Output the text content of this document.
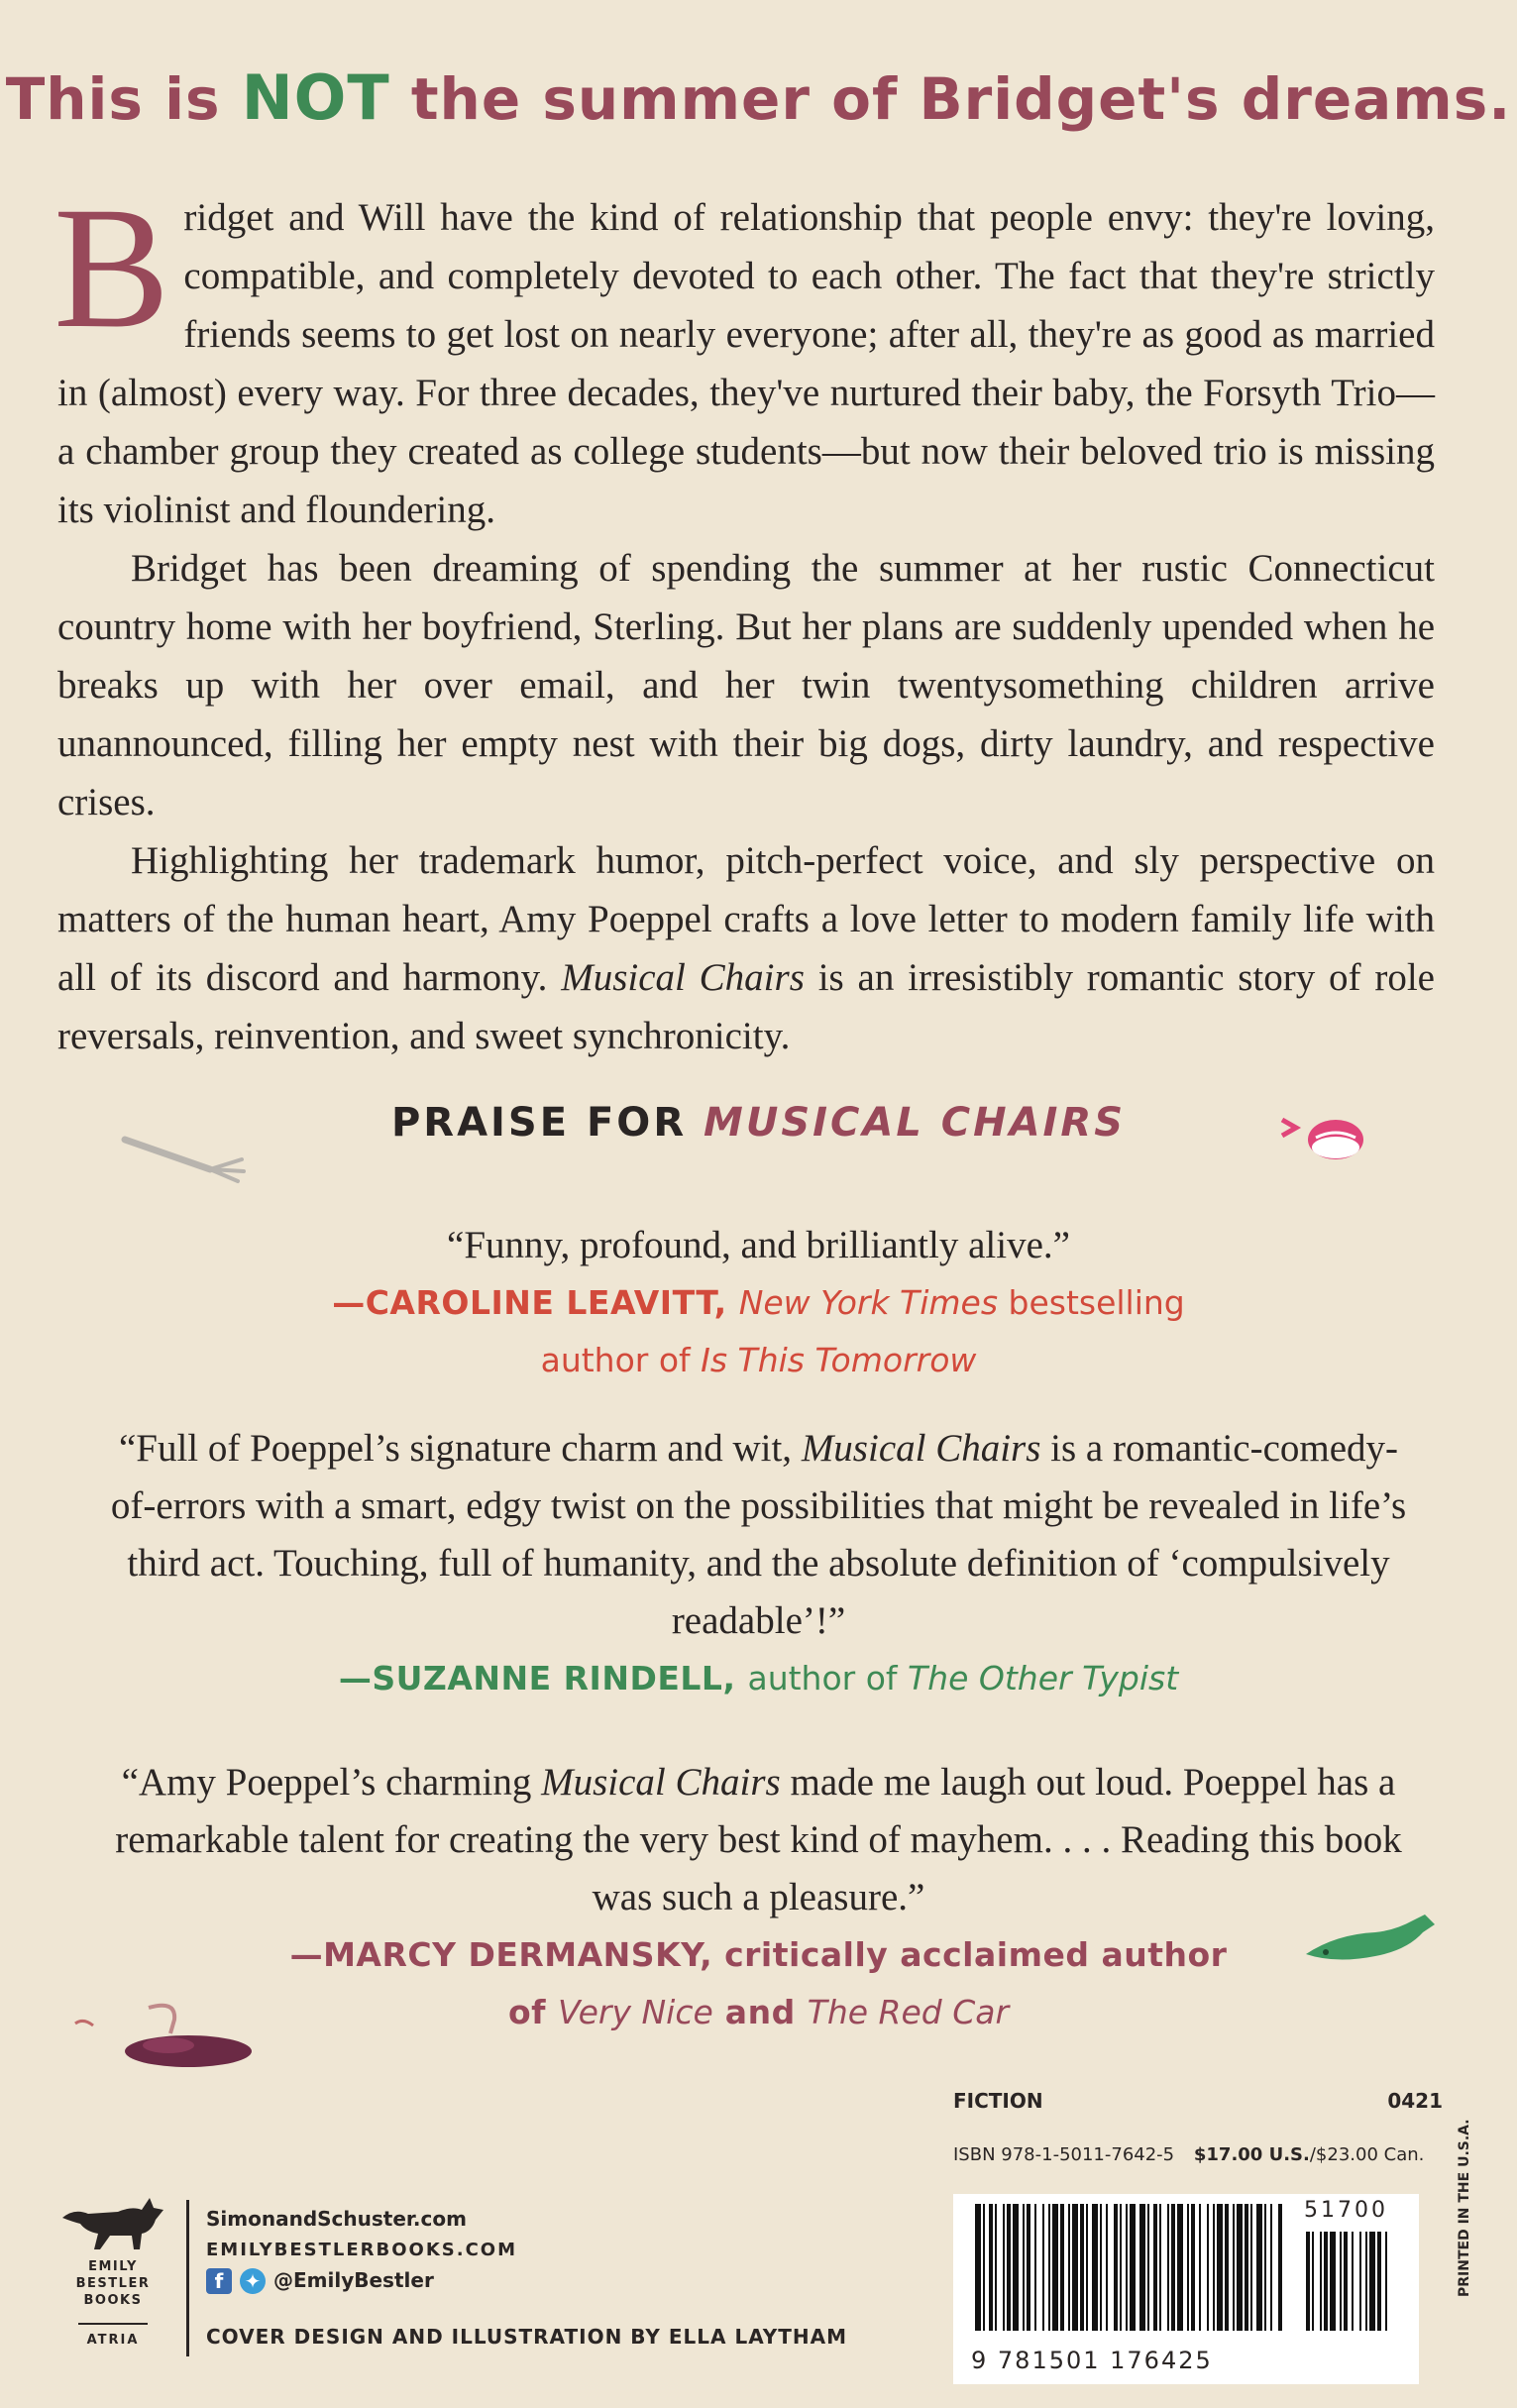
This is NOT the summer of Bridget's dreams.

Bridget and Will have the kind of relationship that people envy: they're loving, compatible, and completely devoted to each other. The fact that they're strictly friends seems to get lost on nearly everyone; after all, they're as good as married in (almost) every way. For three decades, they've nurtured their baby, the Forsyth Trio—a chamber group they created as college students—but now their beloved trio is missing its violinist and floundering.

Bridget has been dreaming of spending the summer at her rustic Connecticut country home with her boyfriend, Sterling. But her plans are suddenly upended when he breaks up with her over email, and her twin twentysomething children arrive unannounced, filling her empty nest with their big dogs, dirty laundry, and respective crises.

Highlighting her trademark humor, pitch-perfect voice, and sly perspective on matters of the human heart, Amy Poeppel crafts a love letter to modern family life with all of its discord and harmony. Musical Chairs is an irresistibly romantic story of role reversals, reinvention, and sweet synchronicity.

PRAISE FOR MUSICAL CHAIRS
“Funny, profound, and brilliantly alive.”
—CAROLINE LEAVITT, New York Times bestselling
author of Is This Tomorrow
“Full of Poeppel’s signature charm and wit, Musical Chairs is a romantic-comedy-of-errors with a smart, edgy twist on the possibilities that might be revealed in life’s third act. Touching, full of humanity, and the absolute definition of ‘compulsively readable’!”
—SUZANNE RINDELL, author of The Other Typist
“Amy Poeppel’s charming Musical Chairs made me laugh out loud. Poeppel has a remarkable talent for creating the very best kind of mayhem. . . . Reading this book was such a pleasure.”
—MARCY DERMANSKY, critically acclaimed author
of Very Nice and The Red Car
EMILY
BESTLER
BOOKS
ATRIA
SimonandSchuster.com
EMILYBESTLERBOOKS.COM
f	✦ @EmilyBestler
COVER DESIGN AND ILLUSTRATION BY ELLA LAYTHAM
FICTION	0421
ISBN 978-1-5011-7642-5 $17.00 U.S./$23.00 Can.
51700
9 781501 176425
PRINTED IN THE U.S.A.
